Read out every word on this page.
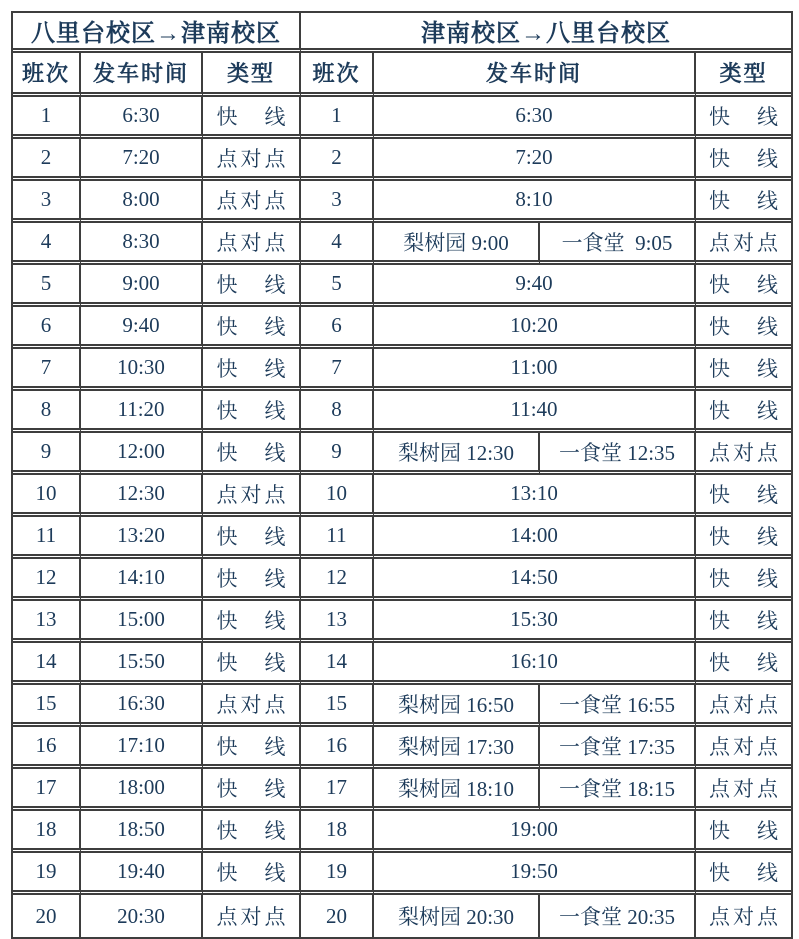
八里台校区→津南校区			津南校区→八里台校区			
班次	发车时间	类型	班次	发车时间		类型
1	6:30	快　线	1	6:30		快　线
2	7:20	点对点	2	7:20		快　线
3	8:00	点对点	3	8:10		快　线
4	8:30	点对点	4	梨树园 9:00	一食堂  9:05	点对点
5	9:00	快　线	5	9:40		快　线
6	9:40	快　线	6	10:20		快　线
7	10:30	快　线	7	11:00		快　线
8	11:20	快　线	8	11:40		快　线
9	12:00	快　线	9	梨树园 12:30	一食堂 12:35	点对点
10	12:30	点对点	10	13:10		快　线
11	13:20	快　线	11	14:00		快　线
12	14:10	快　线	12	14:50		快　线
13	15:00	快　线	13	15:30		快　线
14	15:50	快　线	14	16:10		快　线
15	16:30	点对点	15	梨树园 16:50	一食堂 16:55	点对点
16	17:10	快　线	16	梨树园 17:30	一食堂 17:35	点对点
17	18:00	快　线	17	梨树园 18:10	一食堂 18:15	点对点
18	18:50	快　线	18	19:00		快　线
19	19:40	快　线	19	19:50		快　线
20	20:30	点对点	20	梨树园 20:30	一食堂 20:35	点对点
